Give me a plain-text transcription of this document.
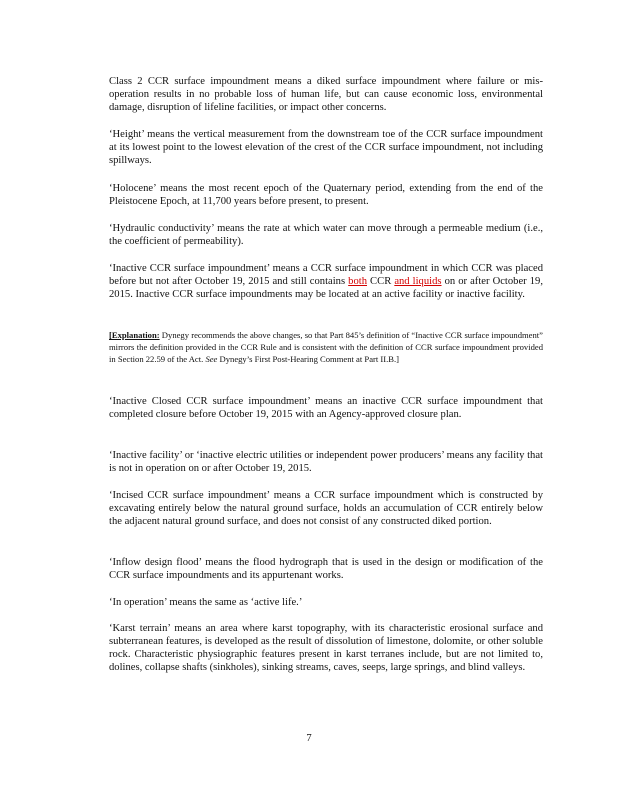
Class 2 CCR surface impoundment means a diked surface impoundment where failure or mis-operation results in no probable loss of human life, but can cause economic loss, environmental damage, disruption of lifeline facilities, or impact other concerns.

‘Height’ means the vertical measurement from the downstream toe of the CCR surface impoundment at its lowest point to the lowest elevation of the crest of the CCR surface impoundment, not including spillways.

‘Holocene’ means the most recent epoch of the Quaternary period, extending from the end of the Pleistocene Epoch, at 11,700 years before present, to present.

‘Hydraulic conductivity’ means the rate at which water can move through a permeable medium (i.e., the coefficient of permeability).

‘Inactive CCR surface impoundment’ means a CCR surface impoundment in which CCR was placed before but not after October 19, 2015 and still contains both CCR and liquids on or after October 19, 2015. Inactive CCR surface impoundments may be located at an active facility or inactive facility.

[Explanation: Dynegy recommends the above changes, so that Part 845’s definition of “Inactive CCR surface impoundment” mirrors the definition provided in the CCR Rule and is consistent with the definition of CCR surface impoundment provided in Section 22.59 of the Act. See Dynegy’s First Post-Hearing Comment at Part II.B.]

‘Inactive Closed CCR surface impoundment’ means an inactive CCR surface impoundment that completed closure before October 19, 2015 with an Agency-approved closure plan.

‘Inactive facility’ or ‘inactive electric utilities or independent power producers’ means any facility that is not in operation on or after October 19, 2015.

‘Incised CCR surface impoundment’ means a CCR surface impoundment which is constructed by excavating entirely below the natural ground surface, holds an accumulation of CCR entirely below the adjacent natural ground surface, and does not consist of any constructed diked portion.

‘Inflow design flood’ means the flood hydrograph that is used in the design or modification of the CCR surface impoundments and its appurtenant works.

‘In operation’ means the same as ‘active life.’

‘Karst terrain’ means an area where karst topography, with its characteristic erosional surface and subterranean features, is developed as the result of dissolution of limestone, dolomite, or other soluble rock. Characteristic physiographic features present in karst terranes include, but are not limited to, dolines, collapse shafts (sinkholes), sinking streams, caves, seeps, large springs, and blind valleys.

7
